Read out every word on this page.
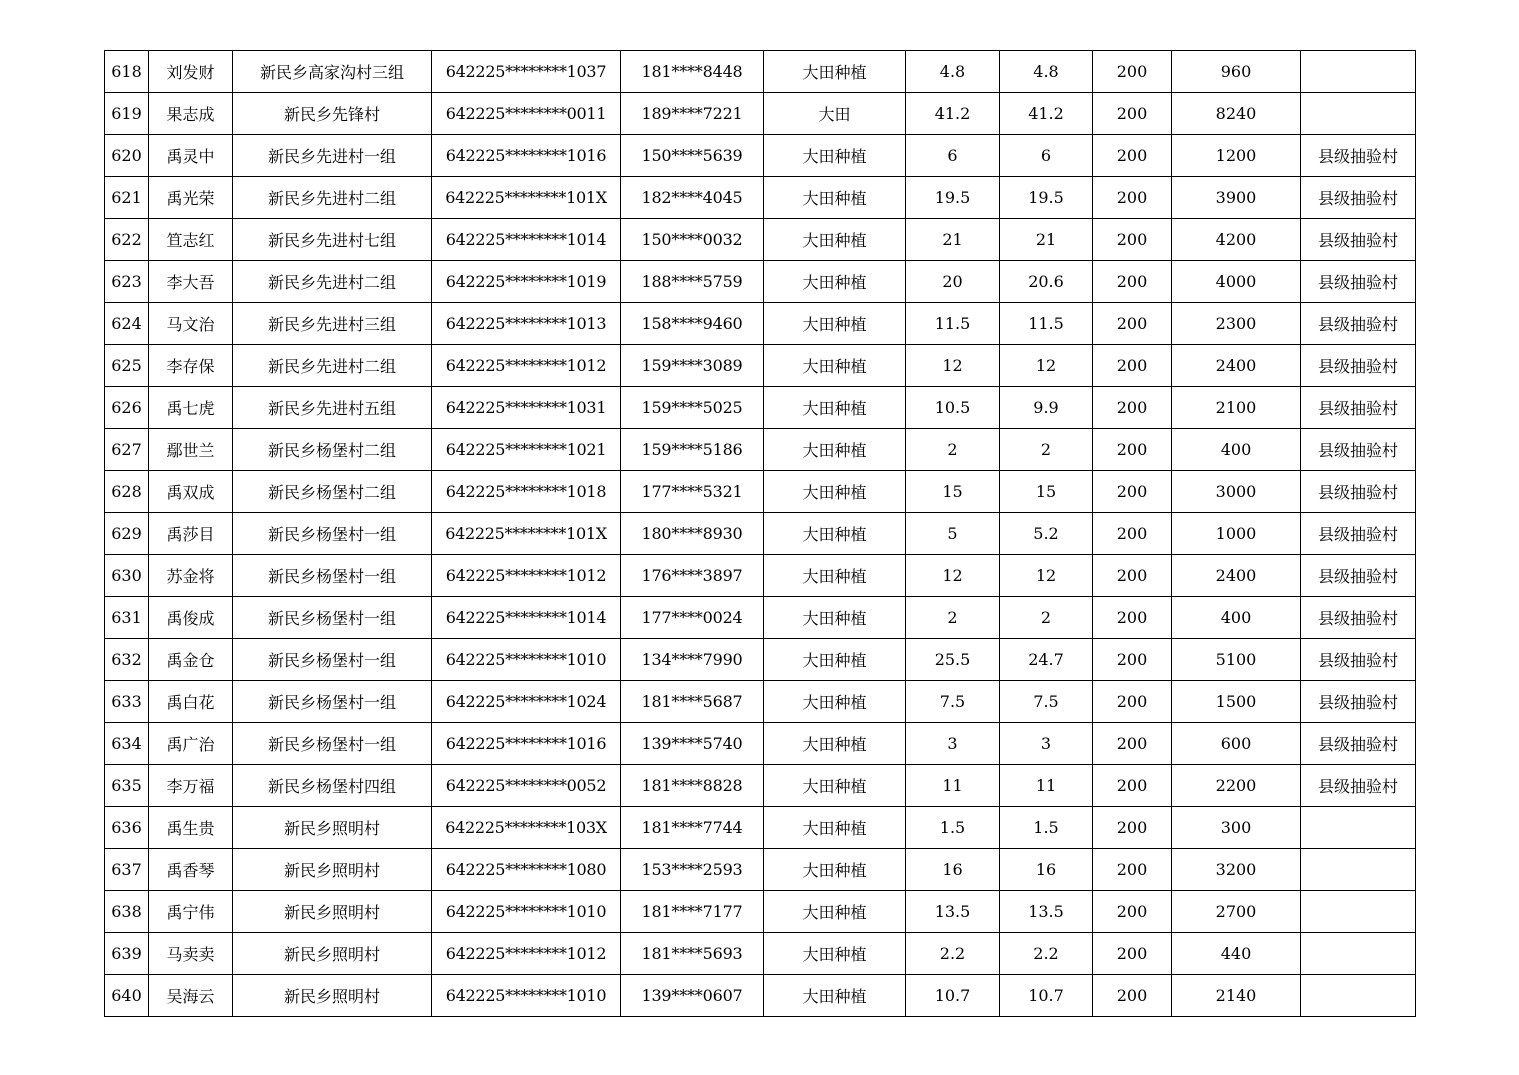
618	刘发财	新民乡高家沟村三组	642225********1037	181****8448	大田种植	4.8	4.8	200	960	
619	果志成	新民乡先锋村	642225********0011	189****7221	大田	41.2	41.2	200	8240	
620	禹灵中	新民乡先进村一组	642225********1016	150****5639	大田种植	6	6	200	1200	县级抽验村
621	禹光荣	新民乡先进村二组	642225********101X	182****4045	大田种植	19.5	19.5	200	3900	县级抽验村
622	笪志红	新民乡先进村七组	642225********1014	150****0032	大田种植	21	21	200	4200	县级抽验村
623	李大吾	新民乡先进村二组	642225********1019	188****5759	大田种植	20	20.6	200	4000	县级抽验村
624	马文治	新民乡先进村三组	642225********1013	158****9460	大田种植	11.5	11.5	200	2300	县级抽验村
625	李存保	新民乡先进村二组	642225********1012	159****3089	大田种植	12	12	200	2400	县级抽验村
626	禹七虎	新民乡先进村五组	642225********1031	159****5025	大田种植	10.5	9.9	200	2100	县级抽验村
627	鄢世兰	新民乡杨堡村二组	642225********1021	159****5186	大田种植	2	2	200	400	县级抽验村
628	禹双成	新民乡杨堡村二组	642225********1018	177****5321	大田种植	15	15	200	3000	县级抽验村
629	禹莎目	新民乡杨堡村一组	642225********101X	180****8930	大田种植	5	5.2	200	1000	县级抽验村
630	苏金将	新民乡杨堡村一组	642225********1012	176****3897	大田种植	12	12	200	2400	县级抽验村
631	禹俊成	新民乡杨堡村一组	642225********1014	177****0024	大田种植	2	2	200	400	县级抽验村
632	禹金仓	新民乡杨堡村一组	642225********1010	134****7990	大田种植	25.5	24.7	200	5100	县级抽验村
633	禹白花	新民乡杨堡村一组	642225********1024	181****5687	大田种植	7.5	7.5	200	1500	县级抽验村
634	禹广治	新民乡杨堡村一组	642225********1016	139****5740	大田种植	3	3	200	600	县级抽验村
635	李万福	新民乡杨堡村四组	642225********0052	181****8828	大田种植	11	11	200	2200	县级抽验村
636	禹生贵	新民乡照明村	642225********103X	181****7744	大田种植	1.5	1.5	200	300	
637	禹香琴	新民乡照明村	642225********1080	153****2593	大田种植	16	16	200	3200	
638	禹宁伟	新民乡照明村	642225********1010	181****7177	大田种植	13.5	13.5	200	2700	
639	马卖卖	新民乡照明村	642225********1012	181****5693	大田种植	2.2	2.2	200	440	
640	吴海云	新民乡照明村	642225********1010	139****0607	大田种植	10.7	10.7	200	2140	
